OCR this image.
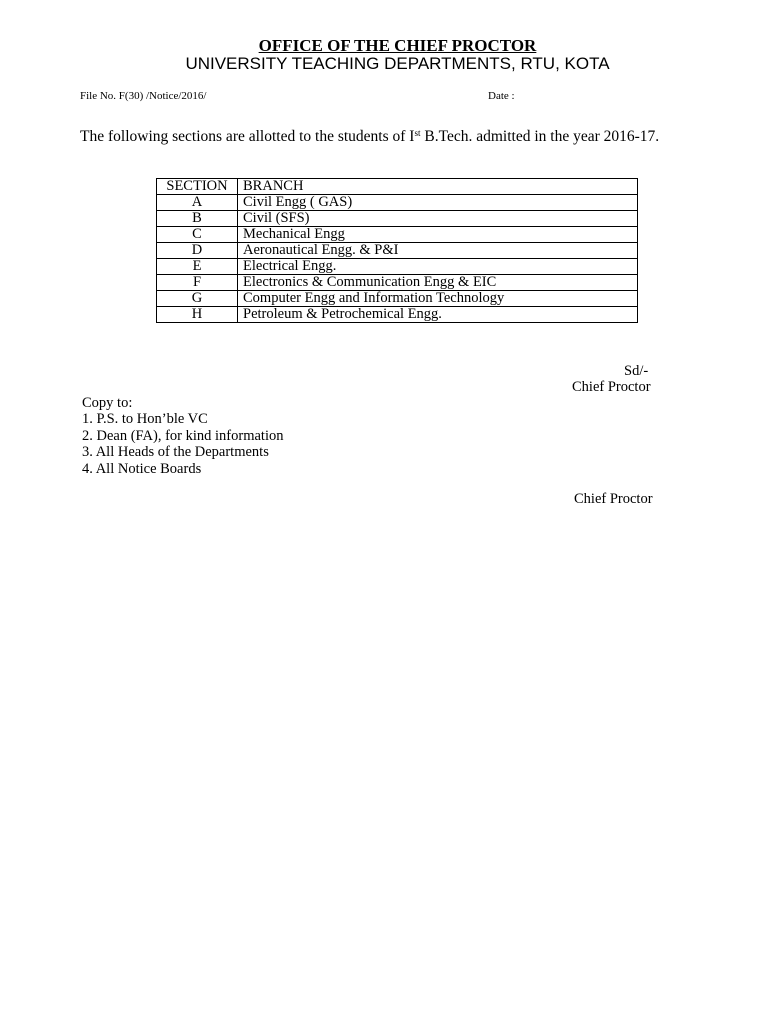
OFFICE OF THE CHIEF PROCTOR
UNIVERSITY TEACHING DEPARTMENTS, RTU, KOTA
File No. F(30) /Notice/2016/	Date :

The following sections are allotted to the students of Ist B.Tech. admitted in the year 2016-17.

SECTION	BRANCH
A	Civil Engg ( GAS)
B	Civil (SFS)
C	Mechanical Engg
D	Aeronautical Engg. & P&I
E	Electrical Engg.
F	Electronics & Communication Engg & EIC
G	Computer Engg and Information Technology
H	Petroleum & Petrochemical Engg.
Sd/-
Chief Proctor
Copy to:
1. P.S. to Hon’ble VC
2. Dean (FA), for kind information
3. All Heads of the Departments
4. All Notice Boards
Chief Proctor
